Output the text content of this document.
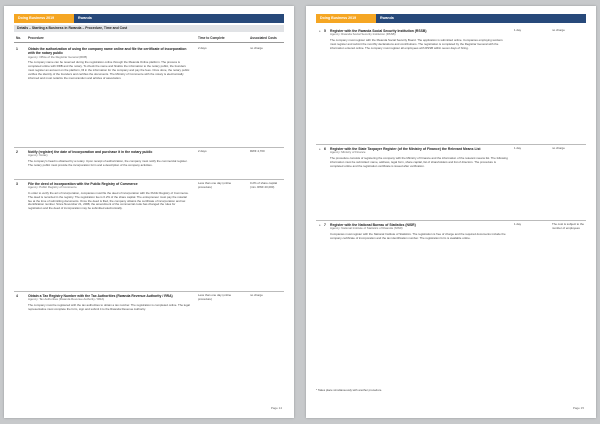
Doing Business 2019	Rwanda
Details – Starting a Business in Rwanda – Procedure, Time and Cost
No. Procedure	Time to Complete	Associated Costs
1	Obtain the authorization of using the company name online and file the certificate of incorporation with the notary public
Agency: Office of the Registrar General (RDB)
The company name can be reserved during the registration online through the Rwanda Online platform. The process is completed online with RDB and the notary. To check the name and finalize the information to the notary public, the founders must register an account on the platform, fill in the information for the company and pay the fees. Once done, the notary public verifies the identity of the founders and certifies the documents. The Ministry of Commerce with the notary is electronically informed and must notarize the memorandum and articles of association.
2 days	no charge
2	Notify (register) the date of incorporation and purchase it in the notary public
Agency: Notary
The company's head is obtained by a notary. Upon receipt of authorization, the company must notify the commercial register. The notary public must provide the incorporation form and a description of the company activities.
2 days	RWF 4,700
3	File the deed of incorporation with the Public Registry of Commerce
Agency: Public Registry of Commerce
In order to verify the act of incorporation, companies must file the deed of incorporation with the Public Registry of Commerce. The deed is recorded in the registry. The registration fee is 0.2% of the share capital. The entrepreneur must pay the notarial fee at the time of submitting documents. Once the deed is filed, the company obtains the certificate of incorporation and tax identification number. Since November 21, 2008, the amendment of the commercial code has changed the rules for registration and the deed of incorporation may be submitted electronically.
Less than one day (online procedure)
0.2% of share capital (min. RWF 20,000)
4	Obtain a Tax Registry Number with the Tax Authorities (Rwanda Revenue Authority / RRA)
Agency: Tax Authorities (Rwanda Revenue Authority / RRA)
The company must be registered with the tax authorities to obtain a tax number. The registration is completed online. The legal representative must complete the form, sign and submit it to the Rwanda Revenue Authority.
Less than one day (online procedure)
no charge
Page 14
Doing Business 2019	Rwanda
* 5 Register with the Rwanda Social Security Institution (RSSB)
Agency: Rwanda Social Security Institution (RSSB)
The company must register with the Rwanda Social Security Board. The application is submitted online. Companies employing workers must register and submit the monthly declarations and contributions. The registration is completed by the Registrar General with the information entered online. The company must register all employees with RSSB within seven days of hiring.
1 day	no charge
* 6 Register with the State Taxpayer Register (of the Ministry of Finance) the Relevant Means List
Agency: Ministry of Finance
The procedure consists of registering the company with the Ministry of Finance and the information of the relevant means list. The following information must be submitted: name, address, legal form, share capital, list of shareholders and list of directors. The procedure is completed online and the registration certificate is issued after verification.
1 day	no charge
* 7 Register with the National Bureau of Statistics (NISR)
Agency: National Institute of Statistics of Rwanda (NISR)
Companies must register with the National Institute of Statistics. The registration is free of charge and the required documents include the company certificate of incorporation and the tax identification number. The registration form is available online.
1 day	The cost is subject to the number of employees
* Takes place simultaneously with another procedure.
Page 15
